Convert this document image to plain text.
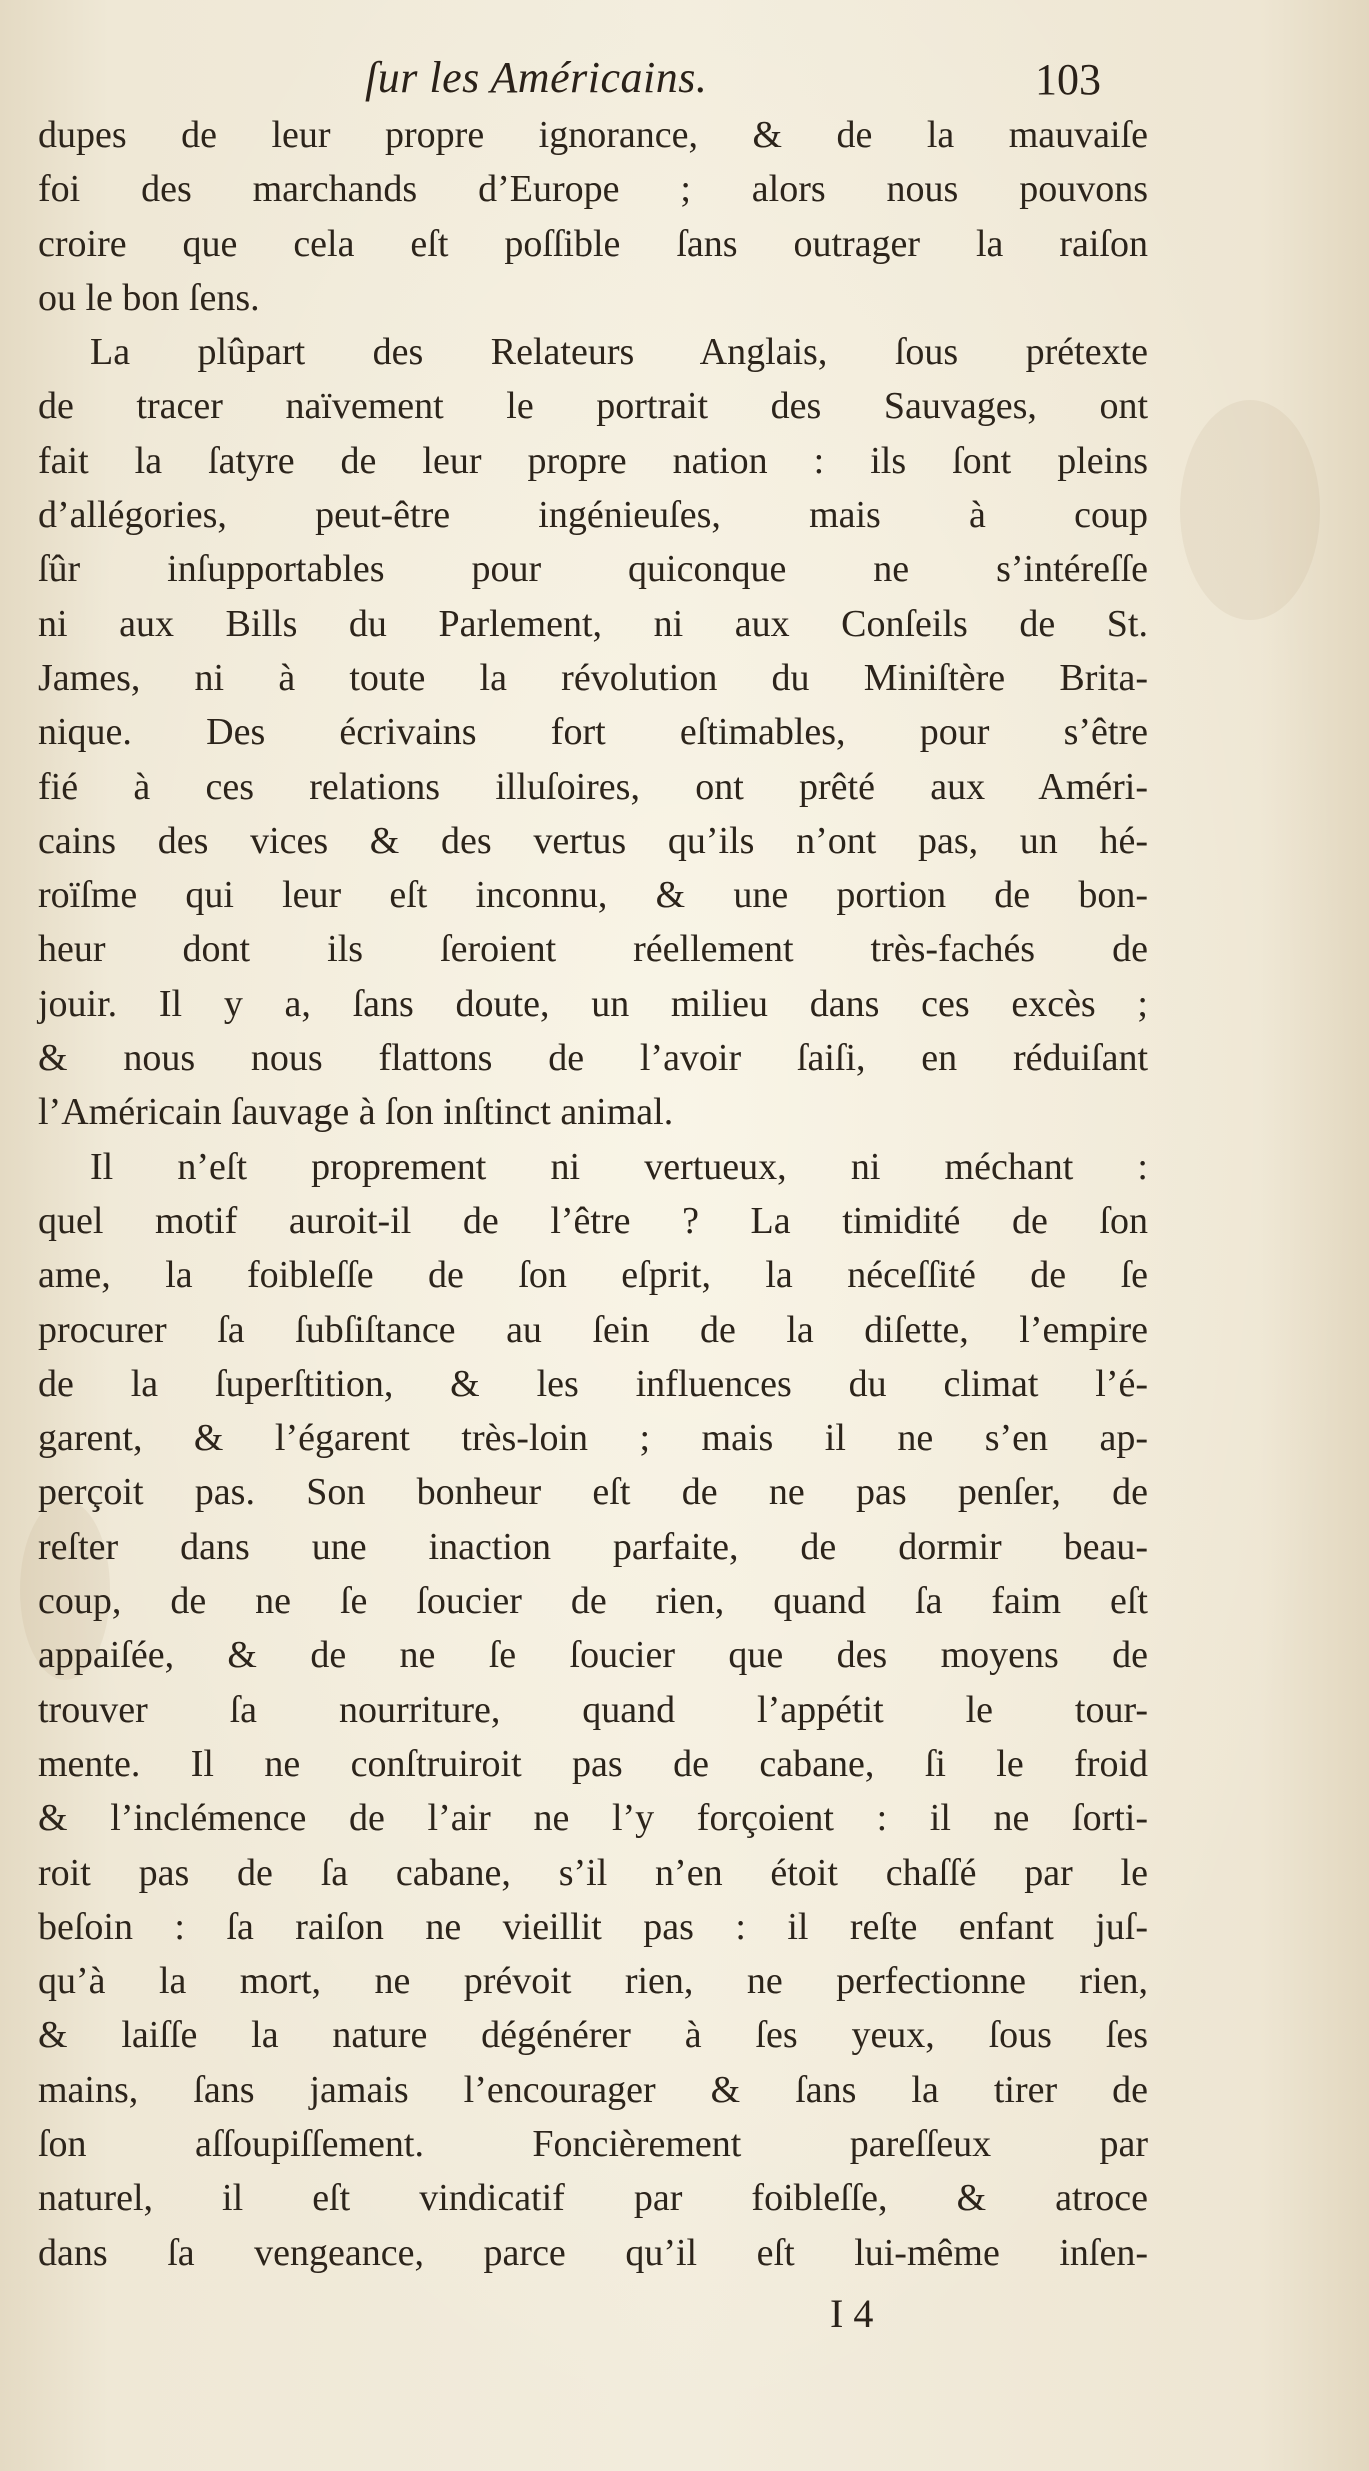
ſur les Américains.	103
dupes de leur propre ignorance, & de la mauvaiſe
foi des marchands d’Europe ; alors nous pouvons
croire que cela eſt poſſible ſans outrager la raiſon
ou le bon ſens.
La plûpart des Relateurs Anglais, ſous prétexte
de tracer naïvement le portrait des Sauvages, ont
fait la ſatyre de leur propre nation : ils ſont pleins
d’allégories, peut-être ingénieuſes, mais à coup
ſûr inſupportables pour quiconque ne s’intéreſſe
ni aux Bills du Parlement, ni aux Conſeils de St.
James, ni à toute la révolution du Miniſtère Brita-
nique. Des écrivains fort eſtimables, pour s’être
fié à ces relations illuſoires, ont prêté aux Améri-
cains des vices & des vertus qu’ils n’ont pas, un hé-
roïſme qui leur eſt inconnu, & une portion de bon-
heur dont ils ſeroient réellement très-fachés de
jouir. Il y a, ſans doute, un milieu dans ces excès ;
& nous nous flattons de l’avoir ſaiſi, en réduiſant
l’Américain ſauvage à ſon inſtinct animal.
Il n’eſt proprement ni vertueux, ni méchant :
quel motif auroit-il de l’être ? La timidité de ſon
ame, la foibleſſe de ſon eſprit, la néceſſité de ſe
procurer ſa ſubſiſtance au ſein de la diſette, l’empire
de la ſuperſtition, & les influences du climat l’é-
garent, & l’égarent très-loin ; mais il ne s’en ap-
perçoit pas. Son bonheur eſt de ne pas penſer, de
reſter dans une inaction parfaite, de dormir beau-
coup, de ne ſe ſoucier de rien, quand ſa faim eſt
appaiſée, & de ne ſe ſoucier que des moyens de
trouver ſa nourriture, quand l’appétit le tour-
mente. Il ne conſtruiroit pas de cabane, ſi le froid
& l’inclémence de l’air ne l’y forçoient : il ne ſorti-
roit pas de ſa cabane, s’il n’en étoit chaſſé par le
beſoin : ſa raiſon ne vieillit pas : il reſte enfant juſ-
qu’à la mort, ne prévoit rien, ne perfectionne rien,
& laiſſe la nature dégénérer à ſes yeux, ſous ſes
mains, ſans jamais l’encourager & ſans la tirer de
ſon aſſoupiſſement. Foncièrement pareſſeux par
naturel, il eſt vindicatif par foibleſſe, & atroce
dans ſa vengeance, parce qu’il eſt lui-même inſen-
I 4
